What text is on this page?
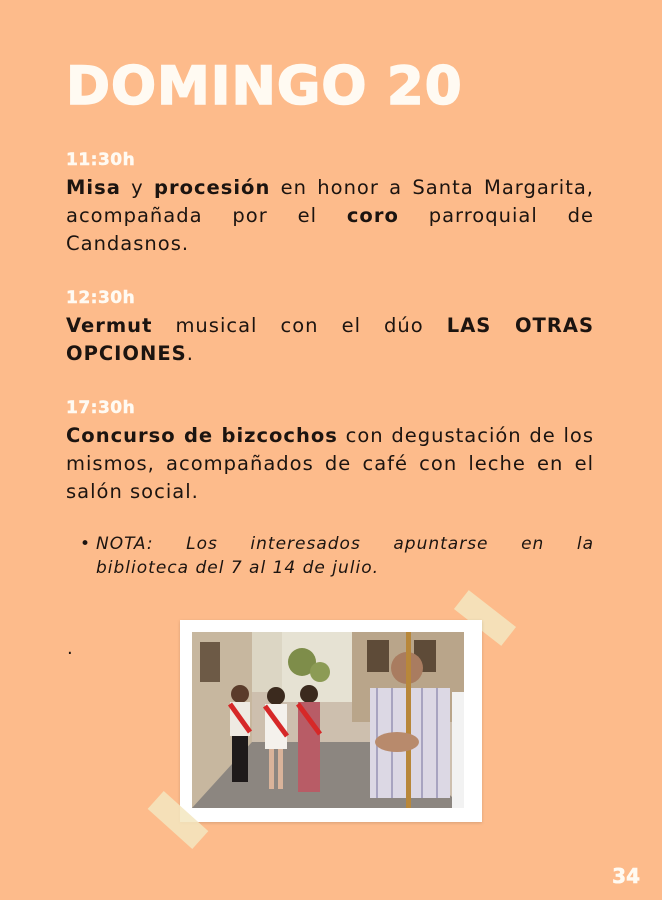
DOMINGO 20
11:30h
Misa y procesión en honor a Santa Margarita, acompañada por el coro parroquial de Candasnos.
12:30h
Vermut musical con el dúo LAS OTRAS OPCIONES.
17:30h
Concurso de bizcochos con degustación de los mismos, acompañados de café con leche en el salón social.
• NOTA: Los interesados apuntarse en la
biblioteca del 7 al 14 de julio.
.
34
